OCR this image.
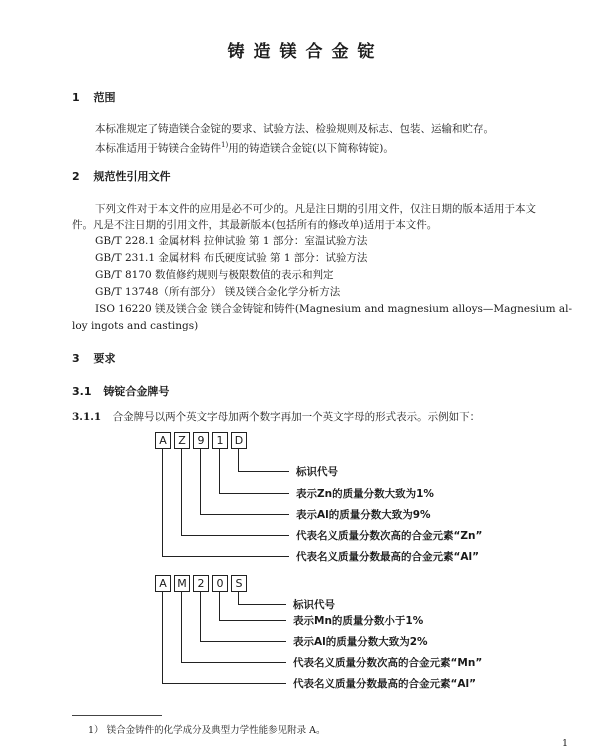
铸造镁合金锭
1 范围
本标准规定了铸造镁合金锭的要求、试验方法、检验规则及标志、包装、运输和贮存。
本标准适用于铸镁合金铸件$^{1)}$用的铸造镁合金锭(以下简称铸锭)。
2 规范性引用文件
下列文件对于本文件的应用是必不可少的。凡是注日期的引用文件，仅注日期的版本适用于本文
件。凡是不注日期的引用文件，其最新版本(包括所有的修改单)适用于本文件。
GB/T 228.1 金属材料 拉伸试验 第 1 部分：室温试验方法
GB/T 231.1 金属材料 布氏硬度试验 第 1 部分：试验方法
GB/T 8170 数值修约规则与极限数值的表示和判定
GB/T 13748（所有部分） 镁及镁合金化学分析方法
ISO 16220 镁及镁合金 镁合金铸锭和铸件(Magnesium and magnesium alloys—Magnesium al-
loy ingots and castings)
3 要求
3.1 铸锭合金牌号
3.1.1 合金牌号以两个英文字母加两个数字再加一个英文字母的形式表示。示例如下：
A	Z	9	1	D
标识代号
表示Zn的质量分数大致为1%
表示Al的质量分数大致为9%
代表名义质量分数次高的合金元素“Zn”
代表名义质量分数最高的合金元素“Al”
A M 2	0	S
标识代号
表示Mn的质量分数小于1%
表示Al的质量分数大致为2%
代表名义质量分数次高的合金元素“Mn”
代表名义质量分数最高的合金元素“Al”
1） 镁合金铸件的化学成分及典型力学性能参见附录 A。
1
